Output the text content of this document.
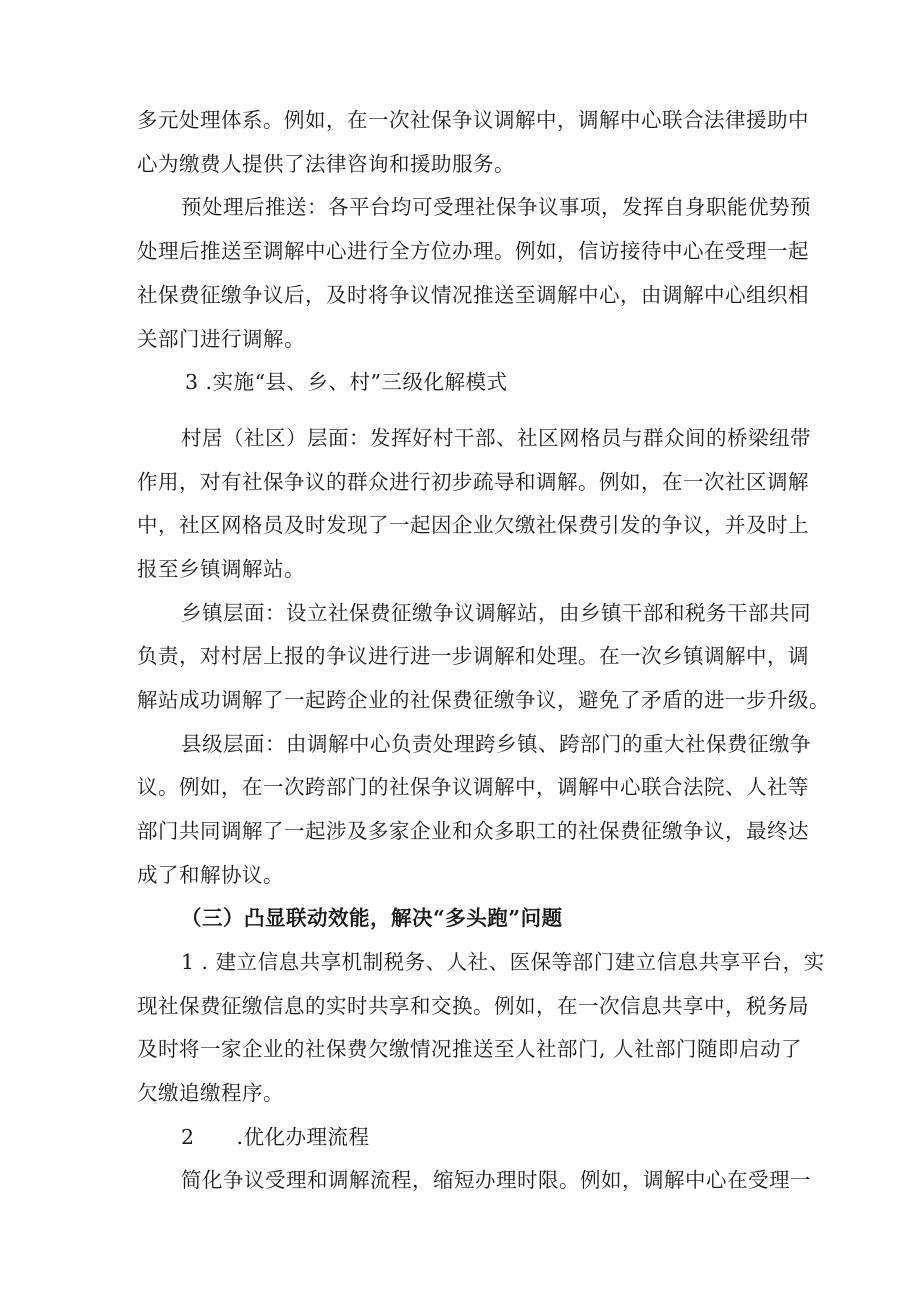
多元处理体系。例如，在一次社保争议调解中，调解中心联合法律援助中
心为缴费人提供了法律咨询和援助服务。
预处理后推送：各平台均可受理社保争议事项，发挥自身职能优势预
处理后推送至调解中心进行全方位办理。例如，信访接待中心在受理一起
社保费征缴争议后，及时将争议情况推送至调解中心，由调解中心组织相
关部门进行调解。
3 .实施“县、乡、村”三级化解模式
村居（社区）层面：发挥好村干部、社区网格员与群众间的桥梁纽带
作用，对有社保争议的群众进行初步疏导和调解。例如，在一次社区调解
中，社区网格员及时发现了一起因企业欠缴社保费引发的争议，并及时上
报至乡镇调解站。
乡镇层面：设立社保费征缴争议调解站，由乡镇干部和税务干部共同
负责，对村居上报的争议进行进一步调解和处理。在一次乡镇调解中，调
解站成功调解了一起跨企业的社保费征缴争议，避免了矛盾的进一步升级。
县级层面：由调解中心负责处理跨乡镇、跨部门的重大社保费征缴争
议。例如，在一次跨部门的社保争议调解中，调解中心联合法院、人社等
部门共同调解了一起涉及多家企业和众多职工的社保费征缴争议，最终达
成了和解协议。
（三）凸显联动效能，解决“多头跑”问题
1 . 建立信息共享机制税务、人社、医保等部门建立信息共享平台，实
现社保费征缴信息的实时共享和交换。例如，在一次信息共享中，税务局
及时将一家企业的社保费欠缴情况推送至人社部门, 人社部门随即启动了
欠缴追缴程序。
2　　.优化办理流程
简化争议受理和调解流程，缩短办理时限。例如，调解中心在受理一
